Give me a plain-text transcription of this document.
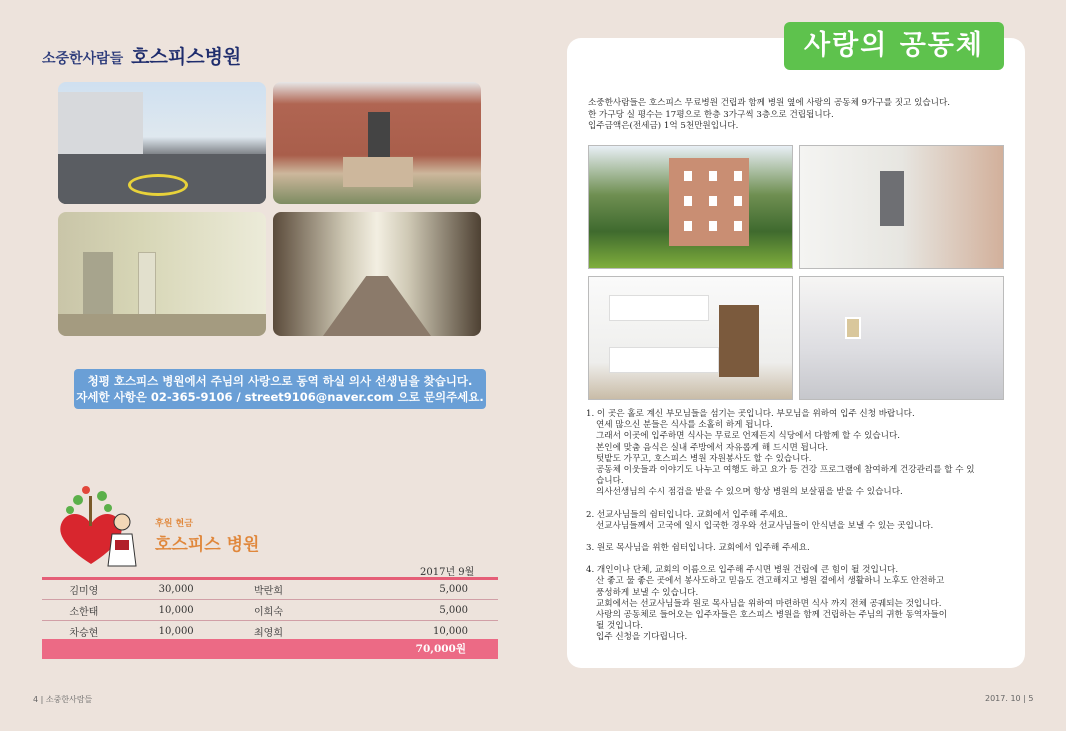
소중한사람들 호스피스병원
청평 호스피스 병원에서 주님의 사랑으로 동역 하실 의사 선생님을 찾습니다.
자세한 사항은 02-365-9106 / street9106@naver.com 으로 문의주세요.
후원 현금
호스피스 병원
2017년 9월
김미영	30,000	박란희	5,000
소한태	10,000	이희숙	5,000
차승현	10,000	최영희	10,000
70,000원
4 | 소중한사람들
사랑의 공동체
소중한사람들은 호스피스 무료병원 건립과 함께 병원 옆에 사랑의 공동체 9가구를 짓고 있습니다.
한 가구당 실 평수는 17평으로 한층 3가구씩 3층으로 건립됩니다.
입주금액은(전세금) 1억 5천만원입니다.
1. 이 곳은 홀로 계신 부모님들을 섬기는 곳입니다. 부모님을 위하여 입주 신청 바랍니다.
연세 많으신 분들은 식사를 소홀히 하게 됩니다.
그래서 이곳에 입주하면 식사는 무료로 언제든지 식당에서 다함께 할 수 있습니다.
본인에 맞춤 음식은 실내 주방에서 자유롭게 해 드시면 됩니다.
텃밭도 가꾸고, 호스피스 병원 자원봉사도 할 수 있습니다.
공동체 이웃들과 이야기도 나누고 여행도 하고 요가 등 건강 프로그램에 참여하게 건강관리를 할 수 있
습니다.
의사선생님의 수시 점검을 받을 수 있으며 항상 병원의 보살핌을 받을 수 있습니다.
2. 선교사님들의 쉼터입니다. 교회에서 입주해 주세요.
선교사님들께서 고국에 일시 입국한 경우와 선교사님들이 안식년을 보낼 수 있는 곳입니다.
3. 원로 목사님을 위한 쉼터입니다. 교회에서 입주해 주세요.
4. 개인이나 단체, 교회의 이름으로 입주해 주시면 병원 건립에 큰 힘이 될 것입니다.
산 좋고 물 좋은 곳에서 봉사도하고 믿음도 견고해지고 병원 곁에서 생활하니 노후도 안전하고
풍성하게 보낼 수 있습니다.
교회에서는 선교사님들과 원로 목사님을 위하여 마련하면 식사 까지 전체 공궤되는 것입니다.
사랑의 공동체로 들어오는 입주자들은 호스피스 병원을 함께 건립하는 주님의 귀한 동역자들이
될 것입니다.
입주 신청을 기다립니다.
2017. 10 | 5
